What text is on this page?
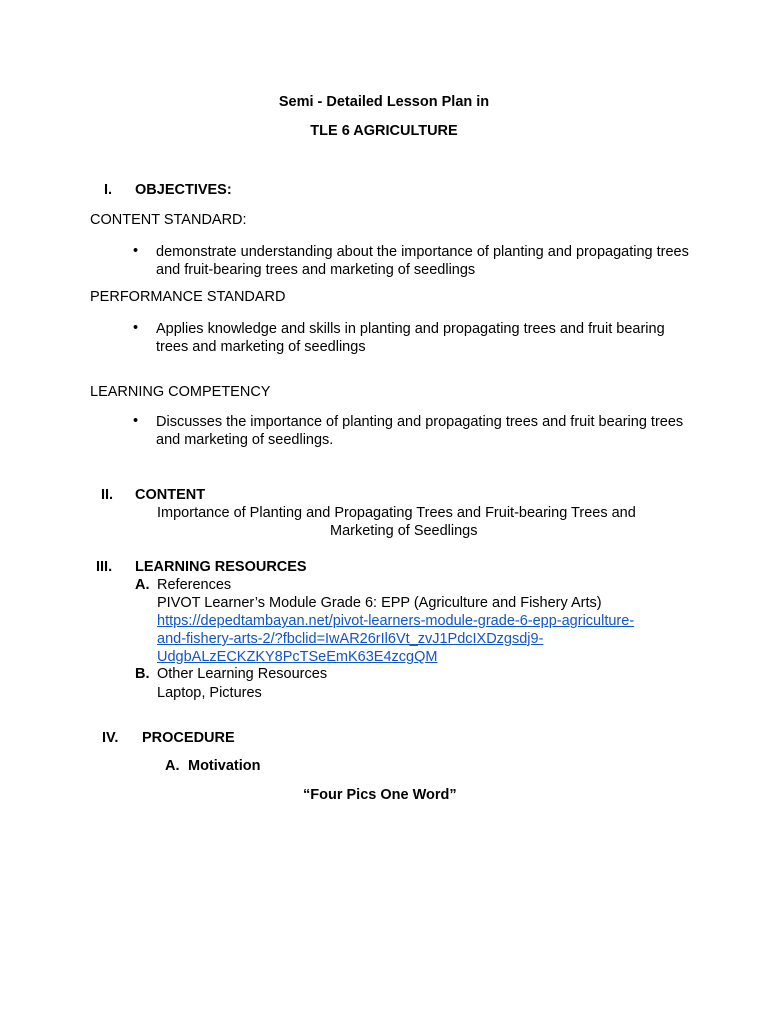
Semi - Detailed Lesson Plan in
TLE 6 AGRICULTURE
I. OBJECTIVES:
CONTENT STANDARD:
• demonstrate understanding about the importance of planting and propagating trees and fruit-bearing trees and marketing of seedlings
PERFORMANCE STANDARD
• Applies knowledge and skills in planting and propagating trees and fruit bearing trees and marketing of seedlings
LEARNING COMPETENCY
• Discusses the importance of planting and propagating trees and fruit bearing trees and marketing of seedlings.
II. CONTENT
Importance of Planting and Propagating Trees and Fruit-bearing Trees and
Marketing of Seedlings
III. LEARNING RESOURCES
A. References
PIVOT Learner’s Module Grade 6: EPP (Agriculture and Fishery Arts)
https://depedtambayan.net/pivot-learners-module-grade-6-epp-agriculture-
and-fishery-arts-2/?fbclid=IwAR26rIl6Vt_zvJ1PdcIXDzgsdj9-
UdgbALzECKZKY8PcTSeEmK63E4zcgQM
B. Other Learning Resources
Laptop, Pictures
IV. PROCEDURE
A. Motivation
“Four Pics One Word”
